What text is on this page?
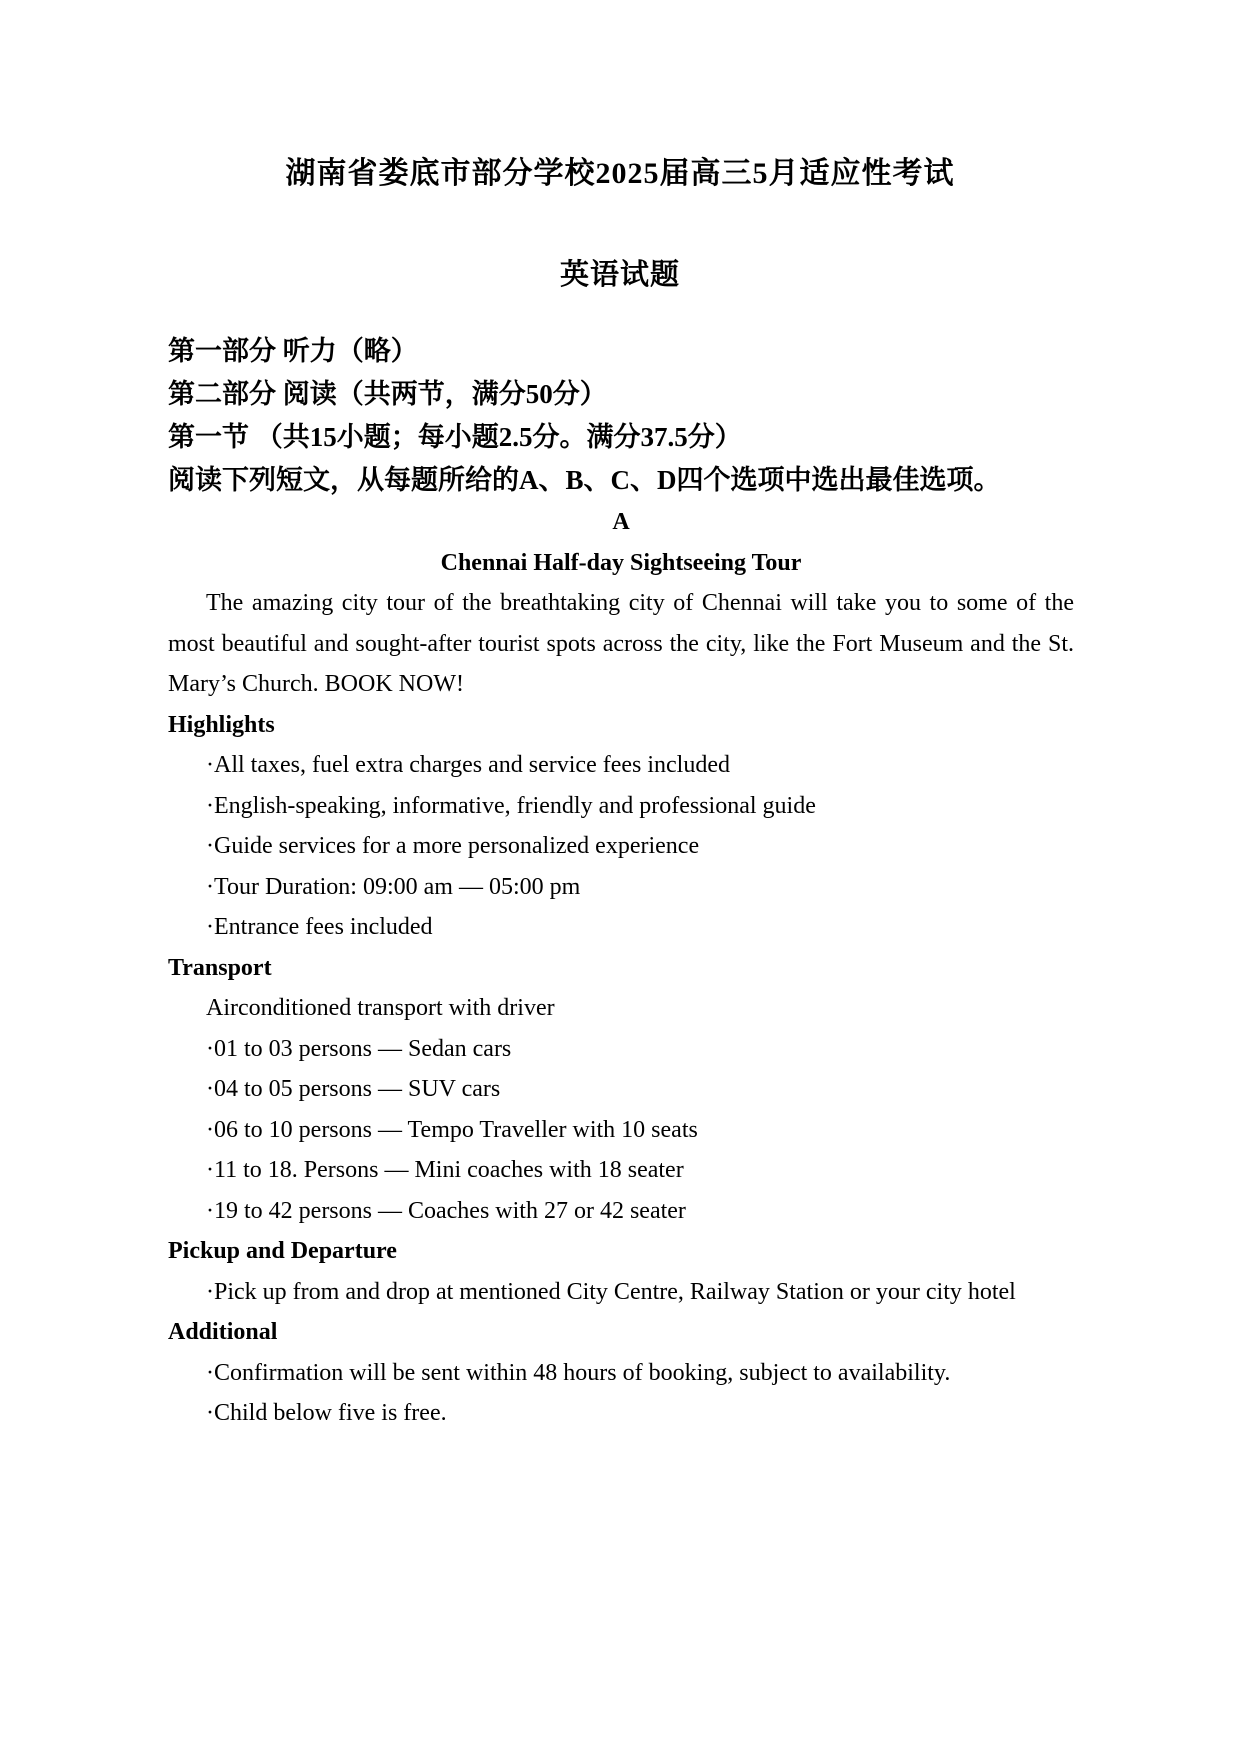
湖南省娄底市部分学校2025届高三5月适应性考试
英语试题

第一部分 听力（略）

第二部分 阅读（共两节，满分50分）

第一节 （共15小题；每小题2.5分。满分37.5分）

阅读下列短文，从每题所给的A、B、C、D四个选项中选出最佳选项。

A

Chennai Half-day Sightseeing Tour

The amazing city tour of the breathtaking city of Chennai will take you to some of the most beautiful and sought-after tourist spots across the city, like the Fort Museum and the St. Mary’s Church. BOOK NOW!

Highlights

·All taxes, fuel extra charges and service fees included

·English-speaking, informative, friendly and professional guide

·Guide services for a more personalized experience

·Tour Duration: 09:00 am — 05:00 pm

·Entrance fees included

Transport

Airconditioned transport with driver

·01 to 03 persons — Sedan cars

·04 to 05 persons — SUV cars

·06 to 10 persons — Tempo Traveller with 10 seats

·11 to 18. Persons — Mini coaches with 18 seater

·19 to 42 persons — Coaches with 27 or 42 seater

Pickup and Departure

·Pick up from and drop at mentioned City Centre, Railway Station or your city hotel

Additional

·Confirmation will be sent within 48 hours of booking, subject to availability.

·Child below five is free.
